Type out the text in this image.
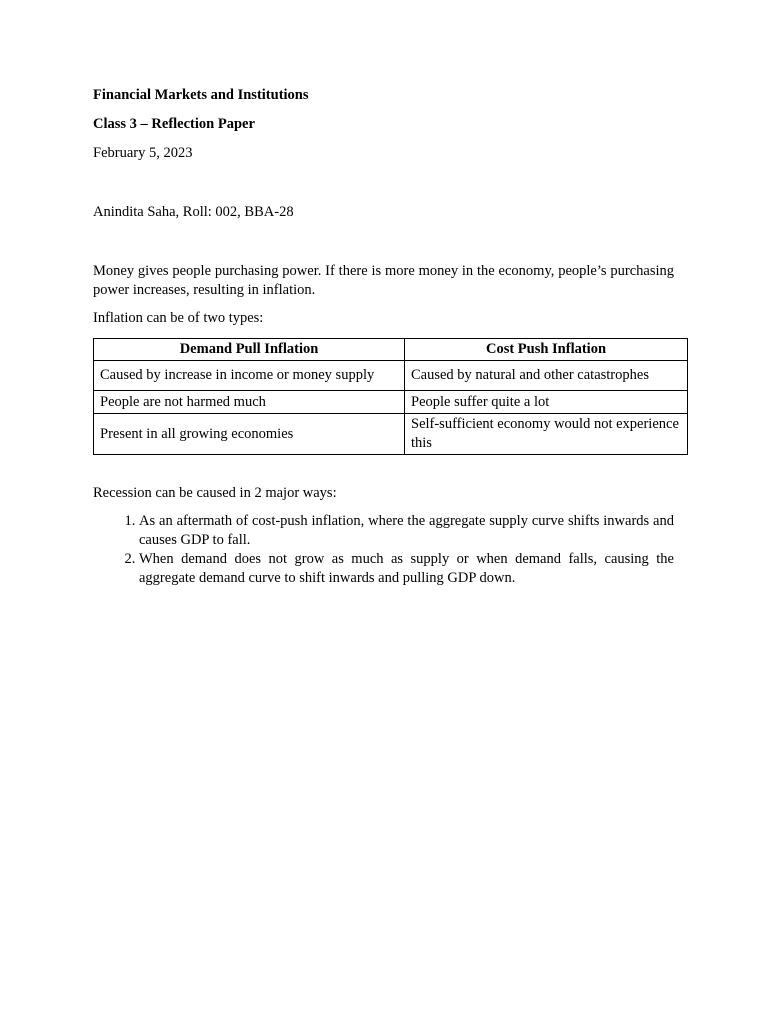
Financial Markets and Institutions

Class 3 – Reflection Paper

February 5, 2023

Anindita Saha, Roll: 002, BBA-28

Money gives people purchasing power. If there is more money in the economy, people’s purchasing power increases, resulting in inflation.

Inflation can be of two types:

Demand Pull Inflation	Cost Push Inflation
Caused by increase in income or money supply	Caused by natural and other catastrophes
People are not harmed much	People suffer quite a lot
Present in all growing economies	Self-sufficient economy would not experience this

Recession can be caused in 2 major ways:

1. As an aftermath of cost-push inflation, where the aggregate supply curve shifts inwards and causes GDP to fall.
2. When demand does not grow as much as supply or when demand falls, causing the aggregate demand curve to shift inwards and pulling GDP down.
